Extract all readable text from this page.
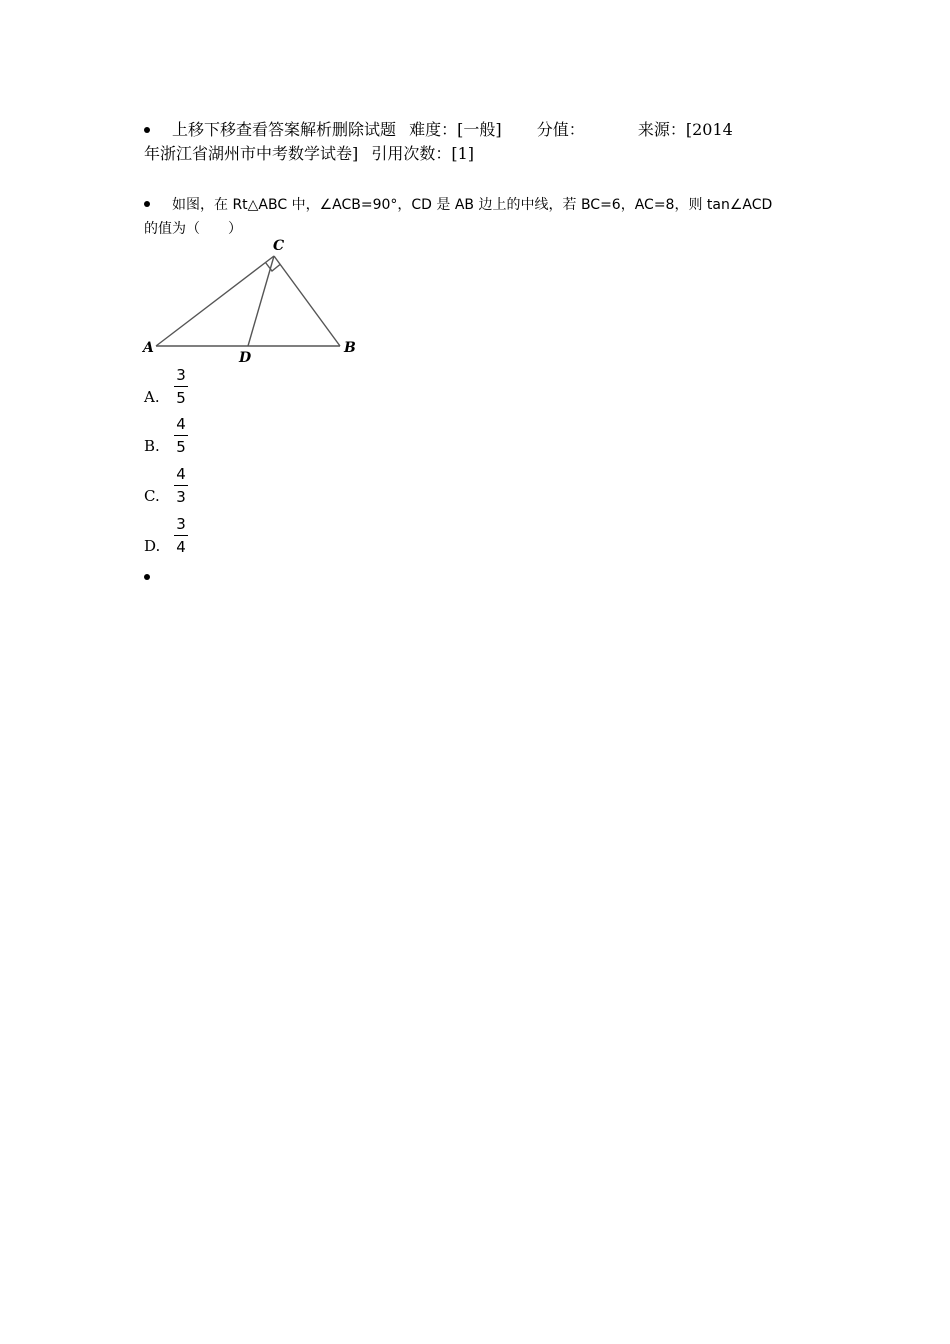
上移下移查看答案解析删除试题 难度：[一般] 分值：	来源：[2014
年浙江省湖州市中考数学试卷] 引用次数：[1]
如图，在 Rt△ABC 中，∠ACB=90°，CD 是 AB 边上的中线，若 BC=6，AC=8，则 tan∠ACD
的值为（　　）
C
A
D
B
A.
3
5
B.
4
5
C.
4
3
D.
3
4
